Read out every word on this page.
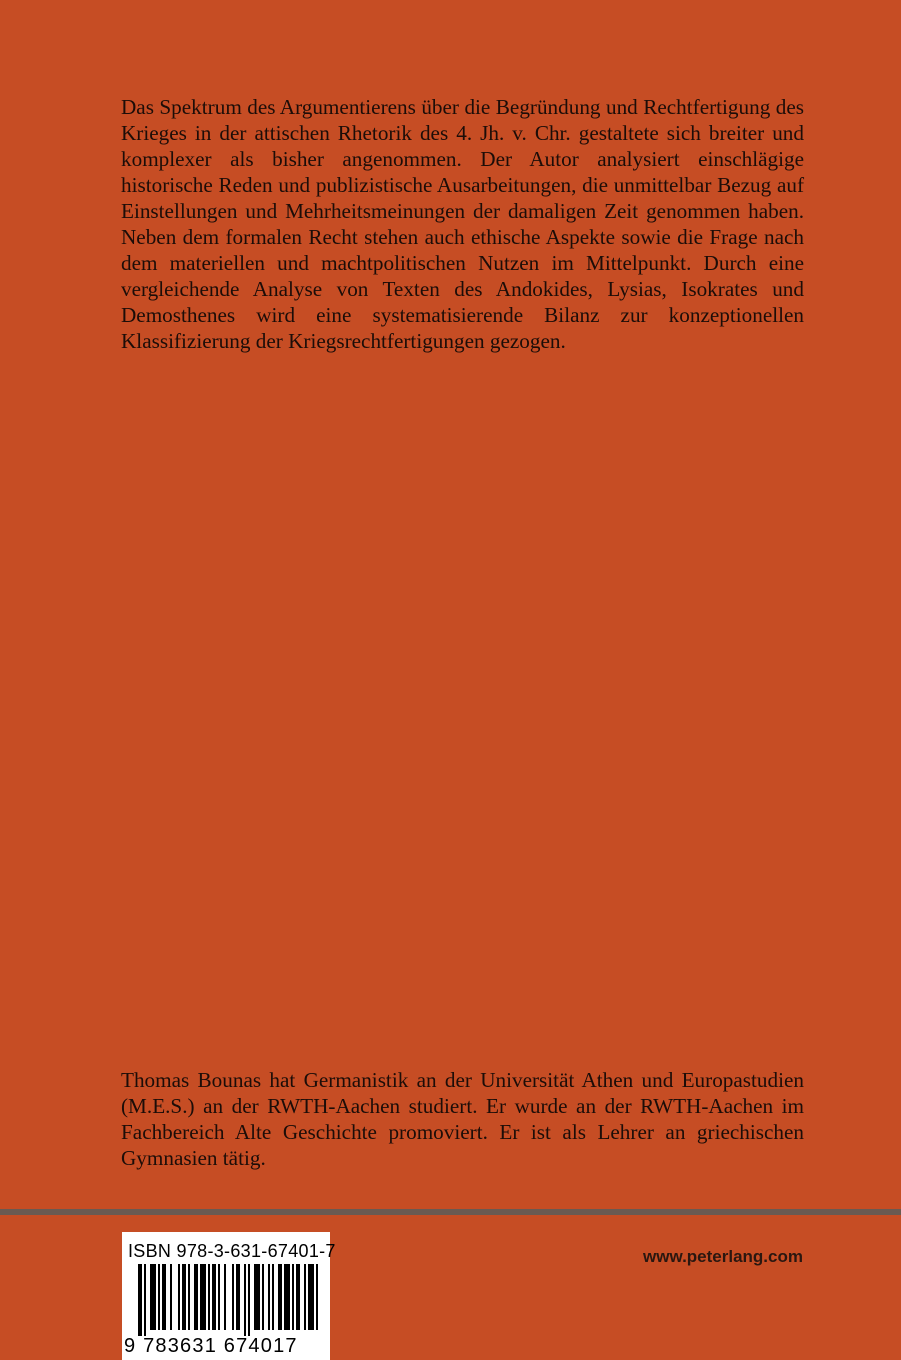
Das Spektrum des Argumentierens über die Begründung und Rechtfertigung des Krieges in der attischen Rhetorik des 4. Jh. v. Chr. gestaltete sich breiter und komplexer als bisher angenommen. Der Autor analysiert einschlägige historische Reden und publizistische Ausarbeitungen, die unmittelbar Bezug auf Einstellungen und Mehrheitsmeinungen der damaligen Zeit genommen haben. Neben dem formalen Recht stehen auch ethische Aspekte sowie die Frage nach dem materiellen und machtpolitischen Nutzen im Mittelpunkt. Durch eine vergleichende Analyse von Texten des Andokides, Lysias, Isokrates und Demosthenes wird eine systematisierende Bilanz zur konzeptionellen Klassifizierung der Kriegsrechtfertigungen gezogen.

Thomas Bounas hat Germanistik an der Universität Athen und Europastudien (M.E.S.) an der RWTH-Aachen studiert. Er wurde an der RWTH-Aachen im Fachbereich Alte Geschichte promoviert. Er ist als Lehrer an griechischen Gymnasien tätig.

ISBN 978-3-631-67401-7
9 783631 674017
www.peterlang.com
